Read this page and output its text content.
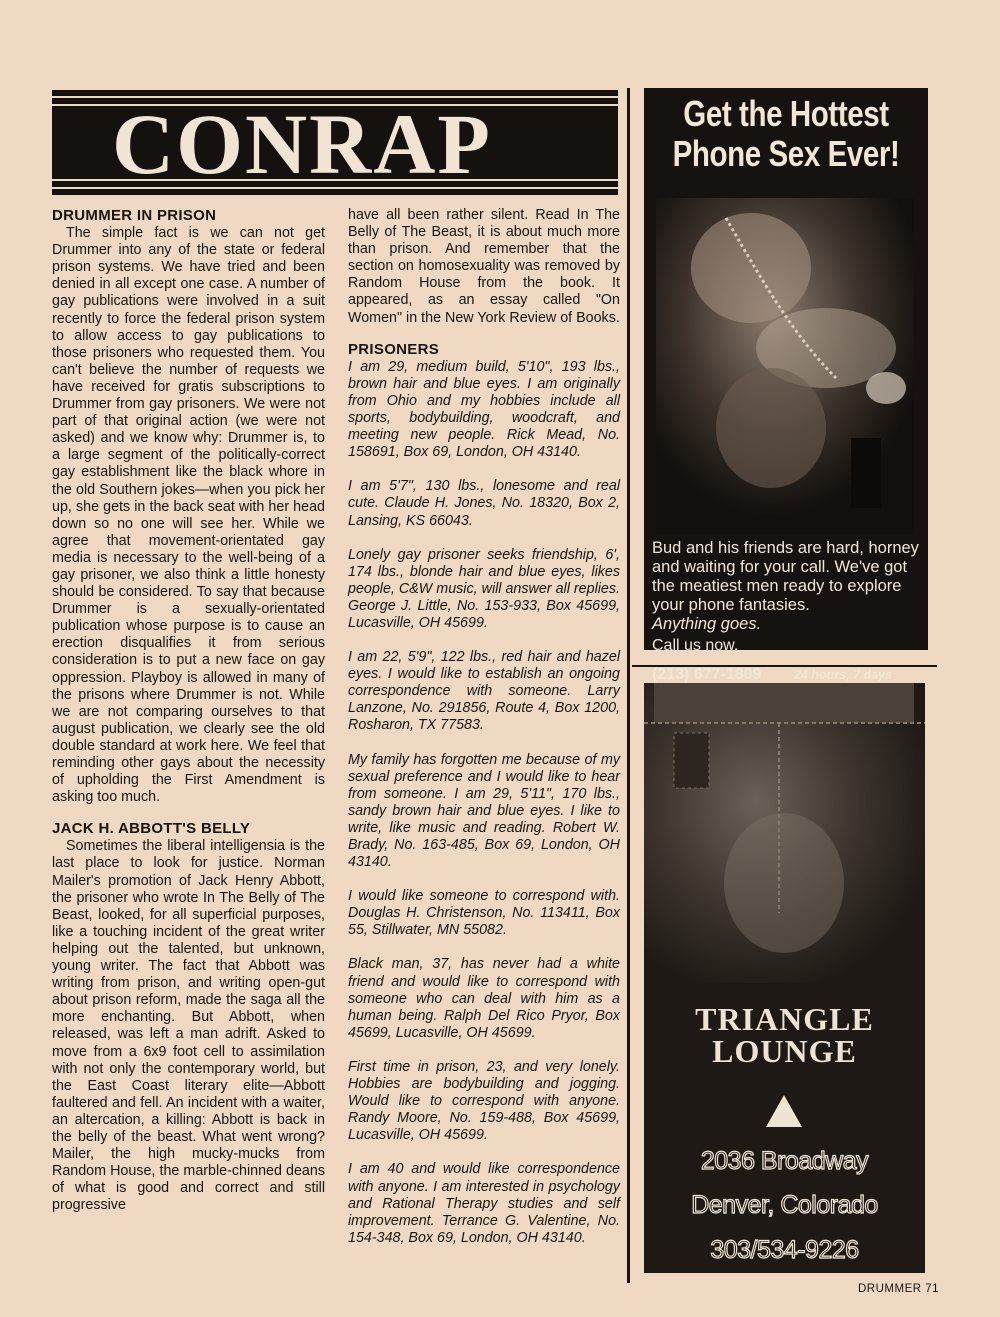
CONRAP
DRUMMER IN PRISON

The simple fact is we can not get Drummer into any of the state or federal prison systems. We have tried and been denied in all except one case. A number of gay publications were involved in a suit recently to force the federal prison system to allow access to gay publications to those prisoners who requested them. You can't believe the number of requests we have received for gratis subscriptions to Drummer from gay prisoners. We were not part of that original action (we were not asked) and we know why: Drummer is, to a large segment of the politically-correct gay establishment like the black whore in the old Southern jokes—when you pick her up, she gets in the back seat with her head down so no one will see her. While we agree that movement-orientated gay media is necessary to the well-being of a gay prisoner, we also think a little honesty should be considered. To say that because Drummer is a sexually-orientated publication whose purpose is to cause an erection disqualifies it from serious consideration is to put a new face on gay oppression. Playboy is allowed in many of the prisons where Drummer is not. While we are not comparing ourselves to that august publication, we clearly see the old double standard at work here. We feel that reminding other gays about the necessity of upholding the First Amendment is asking too much.

JACK H. ABBOTT'S BELLY

Sometimes the liberal intelligensia is the last place to look for justice. Norman Mailer's promotion of Jack Henry Abbott, the prisoner who wrote In The Belly of The Beast, looked, for all superficial purposes, like a touching incident of the great writer helping out the talented, but unknown, young writer. The fact that Abbott was writing from prison, and writing open-gut about prison reform, made the saga all the more enchanting. But Abbott, when released, was left a man adrift. Asked to move from a 6x9 foot cell to assimilation with not only the contemporary world, but the East Coast literary elite—Abbott faultered and fell. An incident with a waiter, an altercation, a killing: Abbott is back in the belly of the beast. What went wrong? Mailer, the high mucky-mucks from Random House, the marble-chinned deans of what is good and correct and still progressive

have all been rather silent. Read In The Belly of The Beast, it is about much more than prison. And remember that the section on homosexuality was removed by Random House from the book. It appeared, as an essay called "On Women" in the New York Review of Books.

PRISONERS

I am 29, medium build, 5'10", 193 lbs., brown hair and blue eyes. I am originally from Ohio and my hobbies include all sports, bodybuilding, woodcraft, and meeting new people. Rick Mead, No. 158691, Box 69, London, OH 43140.

I am 5'7", 130 lbs., lonesome and real cute. Claude H. Jones, No. 18320, Box 2, Lansing, KS 66043.

Lonely gay prisoner seeks friendship, 6', 174 lbs., blonde hair and blue eyes, likes people, C&W music, will answer all replies. George J. Little, No. 153-933, Box 45699, Lucasville, OH 45699.

I am 22, 5'9", 122 lbs., red hair and hazel eyes. I would like to establish an ongoing correspondence with someone. Larry Lanzone, No. 291856, Route 4, Box 1200, Rosharon, TX 77583.

My family has forgotten me because of my sexual preference and I would like to hear from someone. I am 29, 5'11", 170 lbs., sandy brown hair and blue eyes. I like to write, like music and reading. Robert W. Brady, No. 163-485, Box 69, London, OH 43140.

I would like someone to correspond with. Douglas H. Christenson, No. 113411, Box 55, Stillwater, MN 55082.

Black man, 37, has never had a white friend and would like to correspond with someone who can deal with him as a human being. Ralph Del Rico Pryor, Box 45699, Lucasville, OH 45699.

First time in prison, 23, and very lonely. Hobbies are bodybuilding and jogging. Would like to correspond with anyone. Randy Moore, No. 159-488, Box 45699, Lucasville, OH 45699.

I am 40 and would like correspondence with anyone. I am interested in psychology and Rational Therapy studies and self improvement. Terrance G. Valentine, No. 154-348, Box 69, London, OH 43140.

Get the Hottest
Phone Sex Ever!
Bud and his friends are hard, horney and waiting for your call. We've got the meatiest men ready to explore your phone fantasies.
Anything goes.
Call us now.
(213) 677-1809	24 hours, 7 days
TRIANGLE
LOUNGE
2036 Broadway
Denver, Colorado
303/534-9226
DRUMMER 71
